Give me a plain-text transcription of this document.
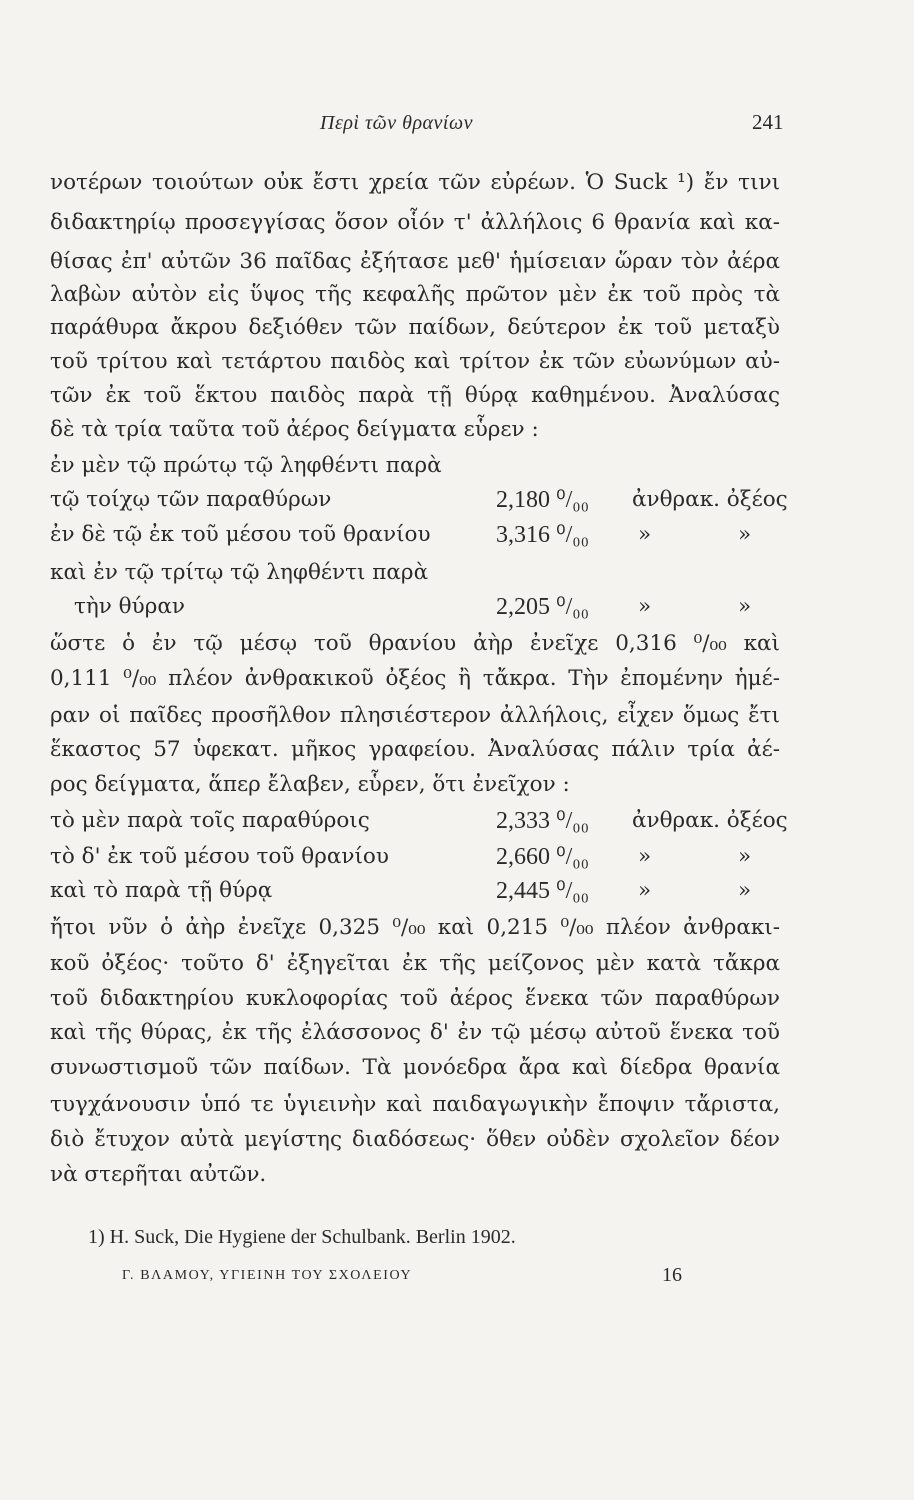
Περὶ τῶν θρανίων	241
νοτέρων τοιούτων οὐκ ἔστι χρεία τῶν εὐρέων. Ὁ Suck ¹) ἔν τινι
διδακτηρίῳ προσεγγίσας ὅσον οἷόν τ' ἀλλήλοις 6 θρανία καὶ κα-
θίσας ἐπ' αὐτῶν 36 παῖδας ἐξήτασε μεθ' ἡμίσειαν ὥραν τὸν ἀέρα
λαβὼν αὐτὸν εἰς ὕψος τῆς κεφαλῆς πρῶτον μὲν ἐκ τοῦ πρὸς τὰ
παράθυρα ἄκρου δεξιόθεν τῶν παίδων, δεύτερον ἐκ τοῦ μεταξὺ
τοῦ τρίτου καὶ τετάρτου παιδὸς καὶ τρίτον ἐκ τῶν εὐωνύμων αὐ-
τῶν ἐκ τοῦ ἕκτου παιδὸς παρὰ τῇ θύρᾳ καθημένου. Ἀναλύσας
δὲ τὰ τρία ταῦτα τοῦ ἀέρος δείγματα εὗρεν :
ἐν μὲν τῷ πρώτῳ τῷ ληφθέντι παρὰ
τῷ τοίχῳ τῶν παραθύρων	2,180 ⁰/₀₀ ἀνθρακ. ὀξέος
ἐν δὲ τῷ ἐκ τοῦ μέσου τοῦ θρανίου	3,316 ⁰/₀₀ »	»
καὶ ἐν τῷ τρίτῳ τῷ ληφθέντι παρὰ
τὴν θύραν	2,205 ⁰/₀₀ »	»
ὥστε ὁ ἐν τῷ μέσῳ τοῦ θρανίου ἀὴρ ἐνεῖχε 0,316 ⁰/₀₀ καὶ
0,111 ⁰/₀₀ πλέον ἀνθρακικοῦ ὀξέος ἢ τἄκρα. Τὴν ἐπομένην ἡμέ-
ραν οἱ παῖδες προσῆλθον πλησιέστερον ἀλλήλοις, εἶχεν ὅμως ἔτι
ἕκαστος 57 ὑφεκατ. μῆκος γραφείου. Ἀναλύσας πάλιν τρία ἀέ-
ρος δείγματα, ἅπερ ἔλαβεν, εὗρεν, ὅτι ἐνεῖχον :
τὸ μὲν παρὰ τοῖς παραθύροις	2,333 ⁰/₀₀ ἀνθρακ. ὀξέος
τὸ δ' ἐκ τοῦ μέσου τοῦ θρανίου	2,660 ⁰/₀₀ »	»
καὶ τὸ παρὰ τῇ θύρᾳ	2,445 ⁰/₀₀ »	»
ἤτοι νῦν ὁ ἀὴρ ἐνεῖχε 0,325 ⁰/₀₀ καὶ 0,215 ⁰/₀₀ πλέον ἀνθρακι-
κοῦ ὀξέος· τοῦτο δ' ἐξηγεῖται ἐκ τῆς μείζονος μὲν κατὰ τἄκρα
τοῦ διδακτηρίου κυκλοφορίας τοῦ ἀέρος ἕνεκα τῶν παραθύρων
καὶ τῆς θύρας, ἐκ τῆς ἐλάσσονος δ' ἐν τῷ μέσῳ αὐτοῦ ἕνεκα τοῦ
συνωστισμοῦ τῶν παίδων. Τὰ μονόεδρα ἄρα καὶ δίεδρα θρανία
τυγχάνουσιν ὑπό τε ὑγιεινὴν καὶ παιδαγωγικὴν ἔποψιν τἄριστα,
διὸ ἔτυχον αὐτὰ μεγίστης διαδόσεως· ὅθεν οὐδὲν σχολεῖον δέον
νὰ στερῆται αὐτῶν.
1) H. Suck, Die Hygiene der Schulbank. Berlin 1902.
Γ. ΒΛΑΜΟΥ, ΥΓΙΕΙΝΗ ΤΟΥ ΣΧΟΛΕΙΟΥ	16
